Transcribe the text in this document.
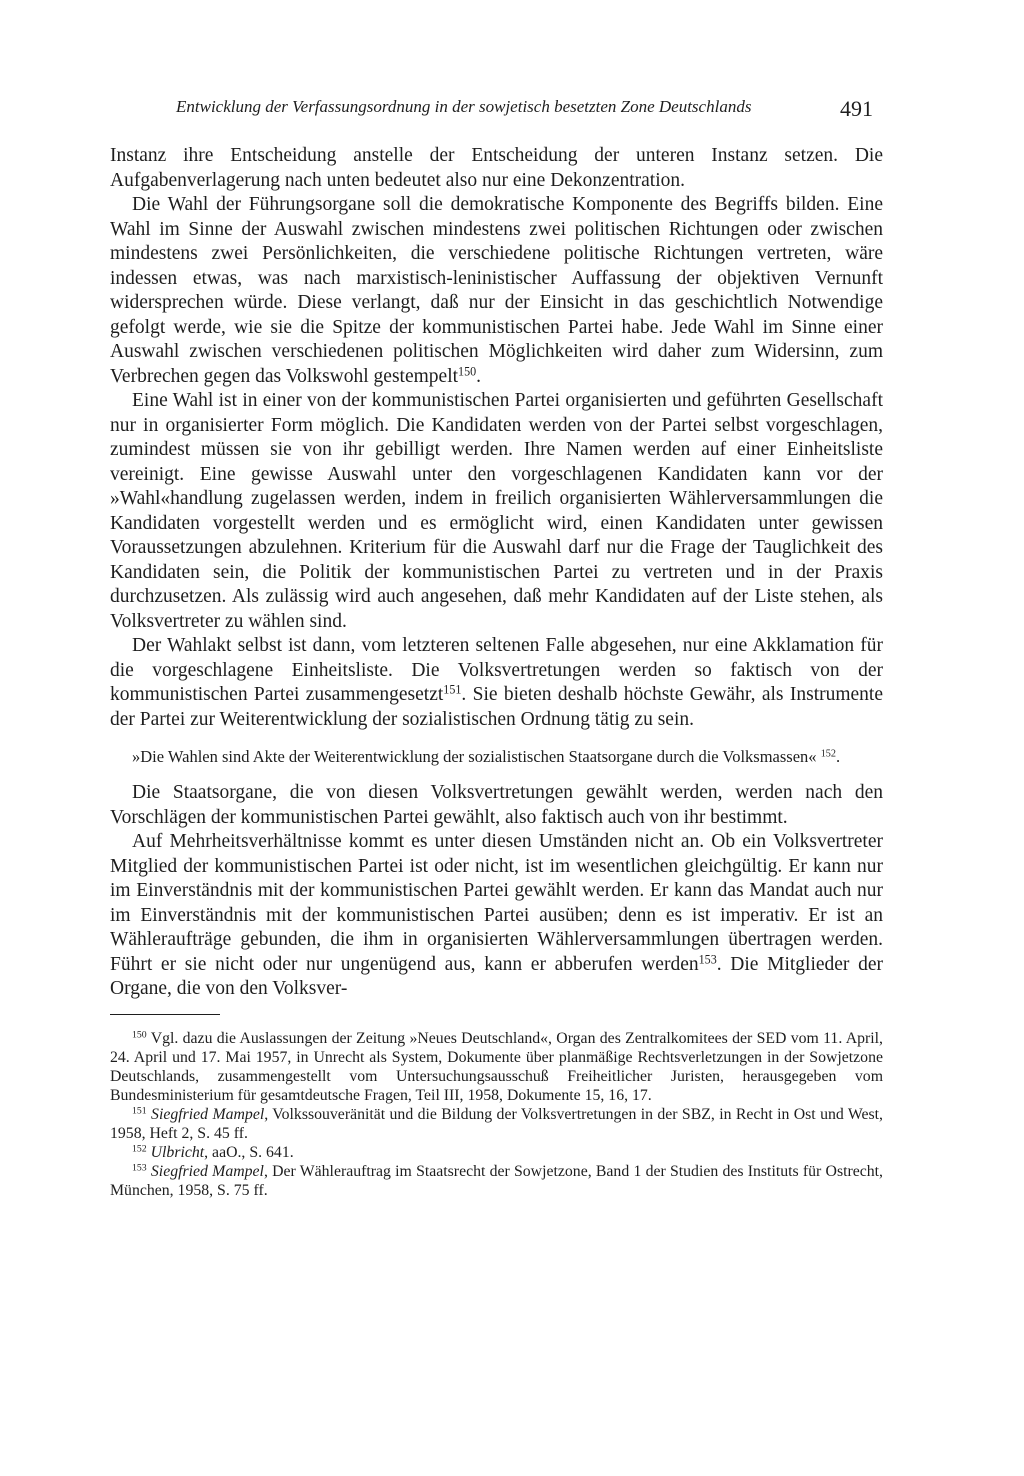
Entwicklung der Verfassungsordnung in der sowjetisch besetzten Zone Deutschlands	491

Instanz ihre Entscheidung anstelle der Entscheidung der unteren Instanz setzen. Die Aufgabenverlagerung nach unten bedeutet also nur eine Dekonzentration.

Die Wahl der Führungsorgane soll die demokratische Komponente des Begriffs bilden. Eine Wahl im Sinne der Auswahl zwischen mindestens zwei politischen Richtungen oder zwischen mindestens zwei Persönlichkeiten, die verschiedene politische Richtungen vertreten, wäre indessen etwas, was nach marxistisch-leninistischer Auffassung der objektiven Vernunft widersprechen würde. Diese verlangt, daß nur der Einsicht in das geschichtlich Notwendige gefolgt werde, wie sie die Spitze der kommunistischen Partei habe. Jede Wahl im Sinne einer Auswahl zwischen verschiedenen politischen Möglichkeiten wird daher zum Widersinn, zum Verbrechen gegen das Volkswohl gestempelt$^{150}$.

Eine Wahl ist in einer von der kommunistischen Partei organisierten und geführten Gesellschaft nur in organisierter Form möglich. Die Kandidaten werden von der Partei selbst vorgeschlagen, zumindest müssen sie von ihr gebilligt werden. Ihre Namen werden auf einer Einheitsliste vereinigt. Eine gewisse Auswahl unter den vorgeschlagenen Kandidaten kann vor der »Wahl«handlung zugelassen werden, indem in freilich organisierten Wählerversammlungen die Kandidaten vorgestellt werden und es ermöglicht wird, einen Kandidaten unter gewissen Voraussetzungen abzulehnen. Kriterium für die Auswahl darf nur die Frage der Tauglichkeit des Kandidaten sein, die Politik der kommunistischen Partei zu vertreten und in der Praxis durchzusetzen. Als zulässig wird auch angesehen, daß mehr Kandidaten auf der Liste stehen, als Volksvertreter zu wählen sind.

Der Wahlakt selbst ist dann, vom letzteren seltenen Falle abgesehen, nur eine Akklamation für die vorgeschlagene Einheitsliste. Die Volksvertretungen werden so faktisch von der kommunistischen Partei zusammengesetzt$^{151}$. Sie bieten deshalb höchste Gewähr, als Instrumente der Partei zur Weiterentwicklung der sozialistischen Ordnung tätig zu sein.

»Die Wahlen sind Akte der Weiterentwicklung der sozialistischen Staatsorgane durch die Volksmassen« $^{152}$.

Die Staatsorgane, die von diesen Volksvertretungen gewählt werden, werden nach den Vorschlägen der kommunistischen Partei gewählt, also faktisch auch von ihr bestimmt.

Auf Mehrheitsverhältnisse kommt es unter diesen Umständen nicht an. Ob ein Volksvertreter Mitglied der kommunistischen Partei ist oder nicht, ist im wesentlichen gleichgültig. Er kann nur im Einverständnis mit der kommunistischen Partei gewählt werden. Er kann das Mandat auch nur im Einverständnis mit der kommunistischen Partei ausüben; denn es ist imperativ. Er ist an Wähleraufträge gebunden, die ihm in organisierten Wählerversammlungen übertragen werden. Führt er sie nicht oder nur ungenügend aus, kann er abberufen werden$^{153}$. Die Mitglieder der Organe, die von den Volksver-

$^{150}$ Vgl. dazu die Auslassungen der Zeitung »Neues Deutschland«, Organ des Zentralkomitees der SED vom 11. April, 24. April und 17. Mai 1957, in Unrecht als System, Dokumente über planmäßige Rechtsverletzungen in der Sowjetzone Deutschlands, zusammengestellt vom Untersuchungsausschuß Freiheitlicher Juristen, herausgegeben vom Bundesministerium für gesamtdeutsche Fragen, Teil III, 1958, Dokumente 15, 16, 17.

$^{151}$ Siegfried Mampel, Volkssouveränität und die Bildung der Volksvertretungen in der SBZ, in Recht in Ost und West, 1958, Heft 2, S. 45 ff.

$^{152}$ Ulbricht, aaO., S. 641.

$^{153}$ Siegfried Mampel, Der Wählerauftrag im Staatsrecht der Sowjetzone, Band 1 der Studien des Instituts für Ostrecht, München, 1958, S. 75 ff.
